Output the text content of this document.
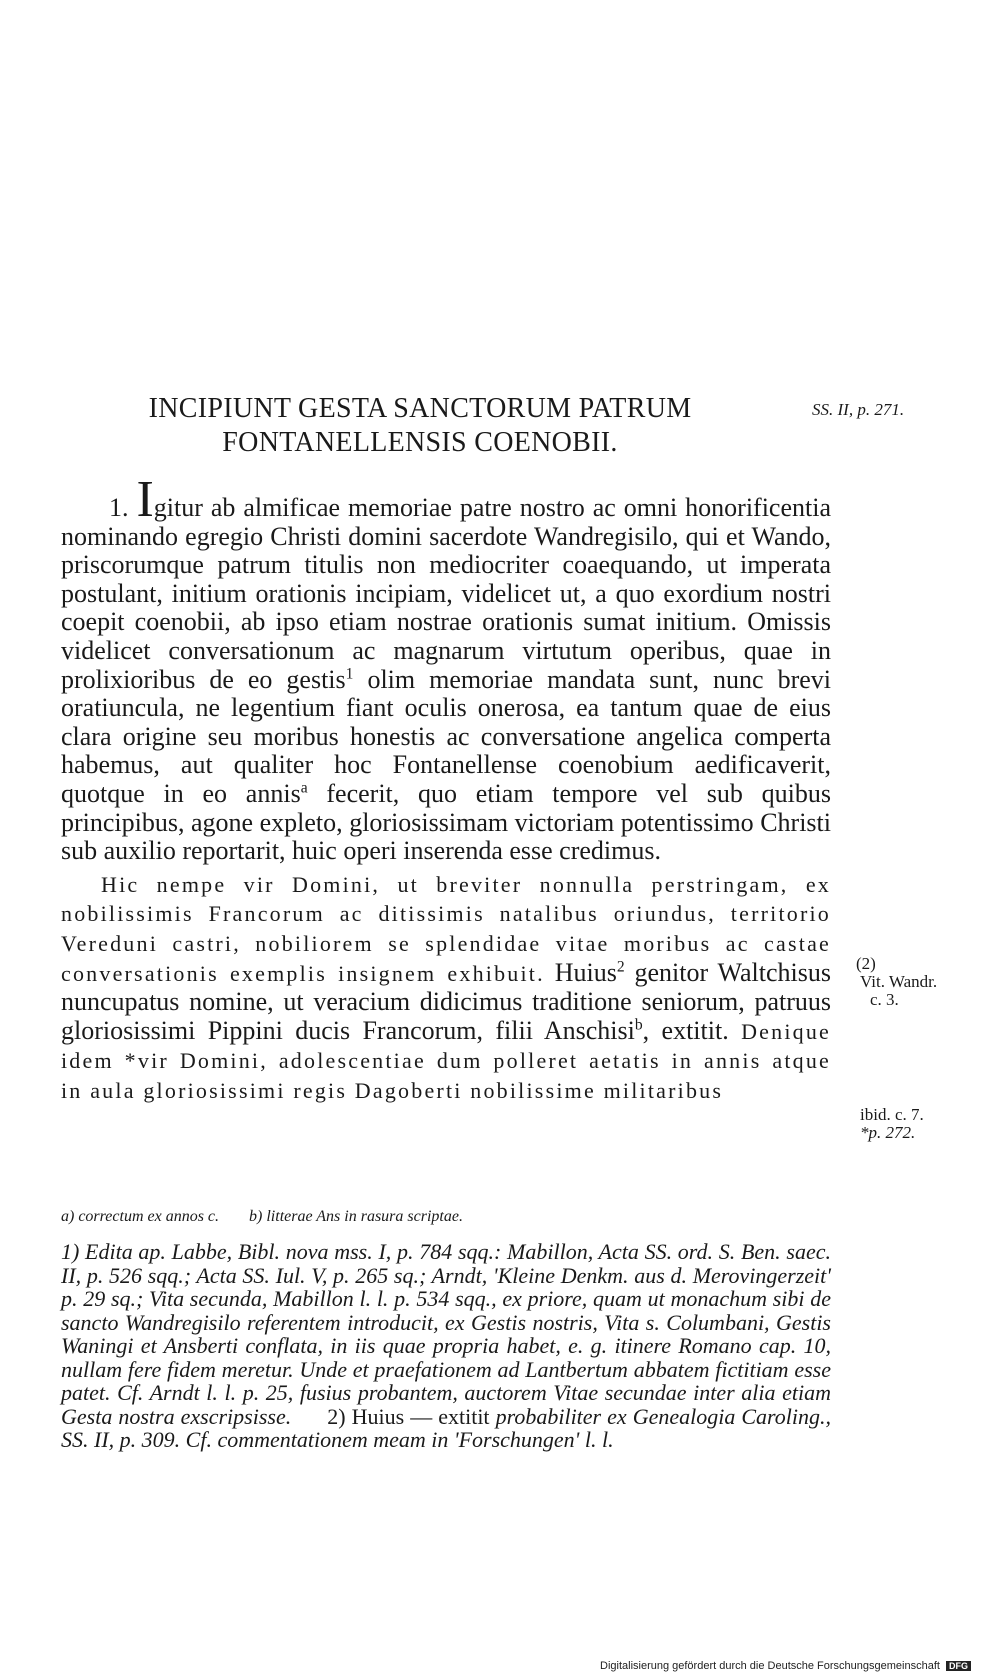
INCIPIUNT GESTA SANCTORUM PATRUM
FONTANELLENSIS COENOBII.
SS. II, p. 271.

1. Igitur ab almificae memoriae patre nostro ac omni honorificentia nominando egregio Christi domini sacerdote Wandregisilo, qui et Wando, priscorumque patrum titulis non mediocriter coaequando, ut imperata postulant, initium orationis incipiam, videlicet ut, a quo exordium nostri coepit coenobii, ab ipso etiam nostrae orationis sumat initium. Omissis videlicet conversationum ac magnarum virtutum operibus, quae in prolixioribus de eo gestis$^1$ olim memoriae mandata sunt, nunc brevi oratiuncula, ne legentium fiant oculis onerosa, ea tantum quae de eius clara origine seu moribus honestis ac conversatione angelica comperta habemus, aut qualiter hoc Fontanellense coenobium aedificaverit, quotque in eo annis$^a$ fecerit, quo etiam tempore vel sub quibus principibus, agone expleto, gloriosissimam victoriam potentissimo Christi sub auxilio reportarit, huic operi inserenda esse credimus.

Hic nempe vir Domini, ut breviter nonnulla perstringam, ex nobilissimis Francorum ac ditissimis natalibus oriundus, territorio Vereduni castri, nobiliorem se splendidae vitae moribus ac castae conversationis exemplis insignem exhibuit. Huius$^2$ genitor Waltchisus nuncupatus nomine, ut veracium didicimus traditione seniorum, patruus gloriosissimi Pippini ducis Francorum, filii Anschisi$^b$, extitit. Denique idem *vir Domini, adolescentiae dum polleret aetatis in annis atque in aula gloriosissimi regis Dagoberti nobilissime militaribus

(2)
Vit. Wandr.
c. 3.
ibid. c. 7.
*p. 272.
a) correctum ex annos c. b) litterae Ans in rasura scriptae.
1) Edita ap. Labbe, Bibl. nova mss. I, p. 784 sqq.: Mabillon, Acta SS. ord. S. Ben. saec. II, p. 526 sqq.; Acta SS. Iul. V, p. 265 sq.; Arndt, 'Kleine Denkm. aus d. Merovingerzeit' p. 29 sq.; Vita secunda, Mabillon l. l. p. 534 sqq., ex priore, quam ut monachum sibi de sancto Wandregisilo referentem introducit, ex Gestis nostris, Vita s. Columbani, Gestis Waningi et Ansberti conflata, in iis quae propria habet, e. g. itinere Romano cap. 10, nullam fere fidem meretur. Unde et praefationem ad Lantbertum abbatem fictitiam esse patet. Cf. Arndt l. l. p. 25, fusius probantem, auctorem Vitae secundae inter alia etiam Gesta nostra exscripsisse. 2) Huius — extitit probabiliter ex Genealogia Caroling., SS. II, p. 309. Cf. commentationem meam in 'Forschungen' l. l.
Digitalisierung gefördert durch die Deutsche Forschungsgemeinschaft DFG
